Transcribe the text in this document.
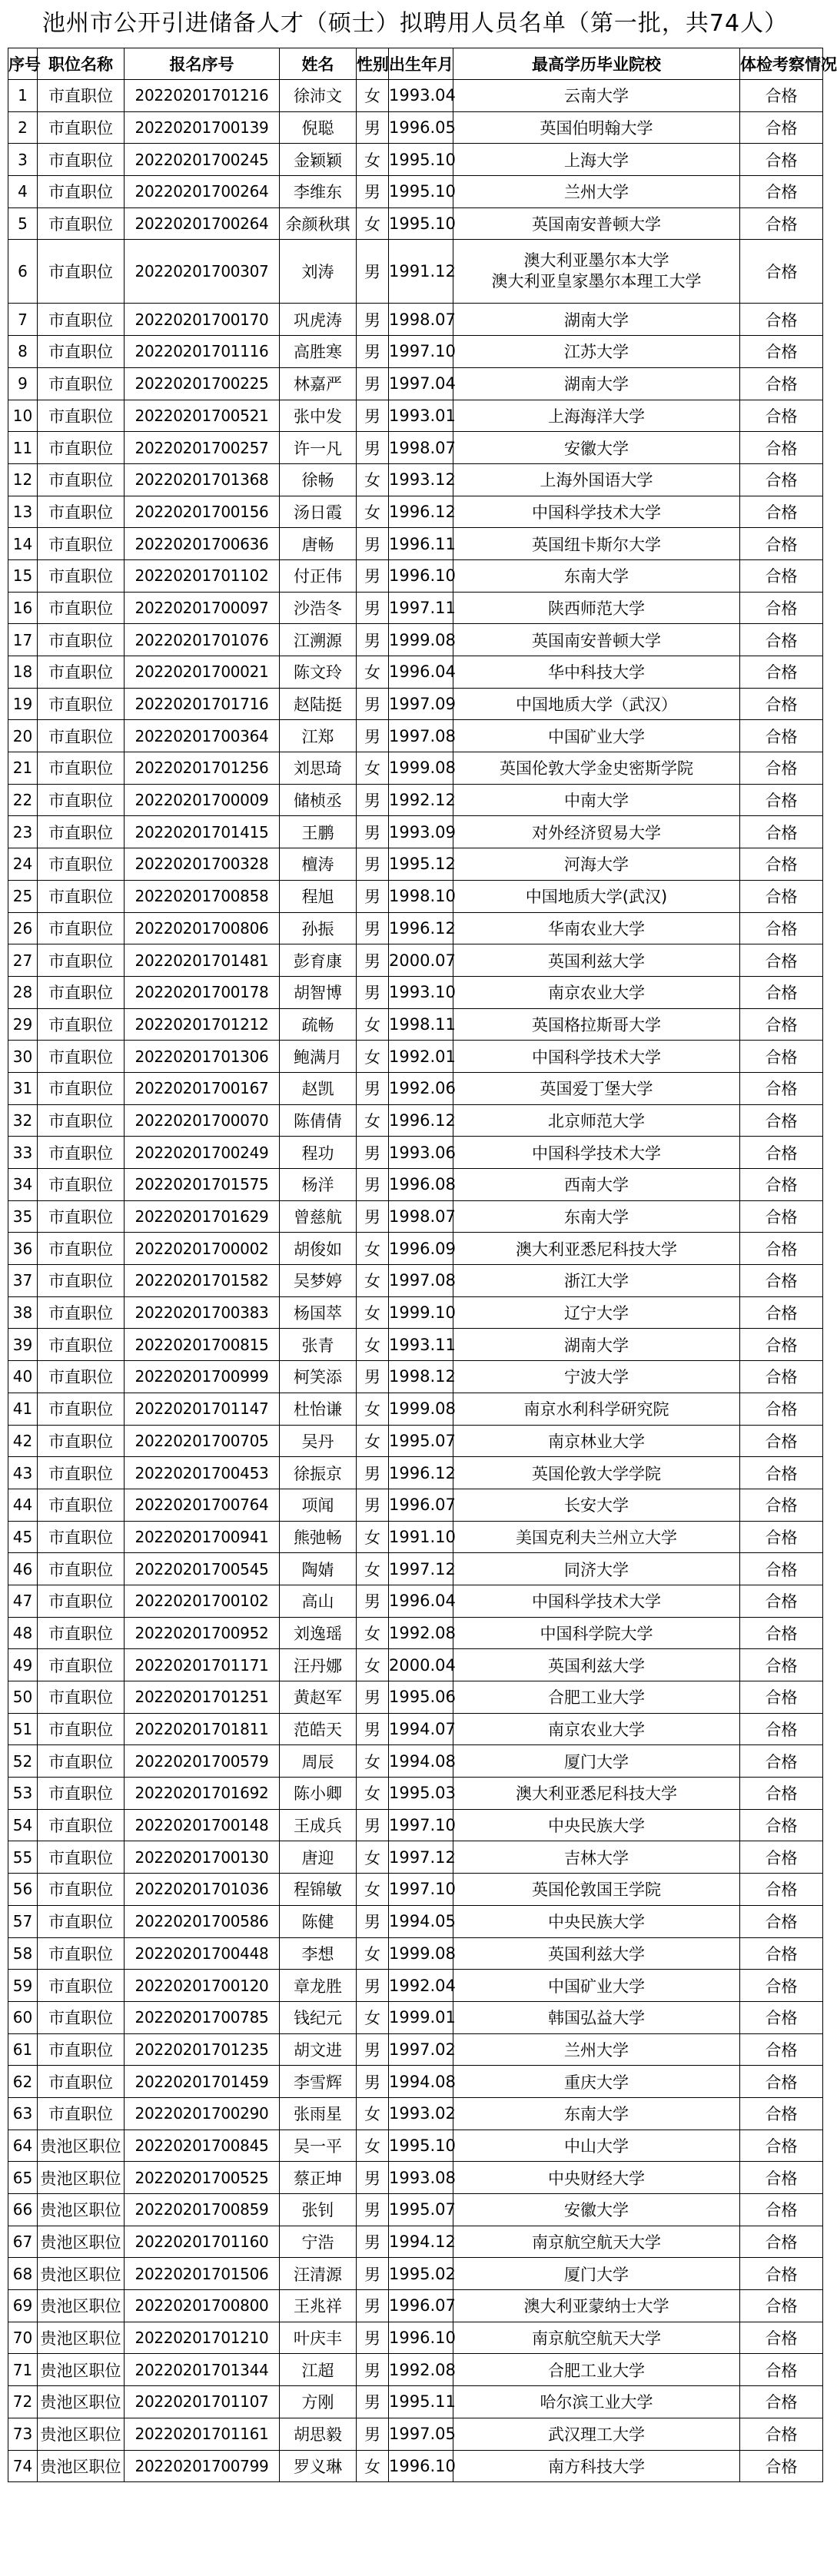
池州市公开引进储备人才（硕士）拟聘用人员名单（第一批，共74人）
序号	职位名称	报名序号	姓名	性别	出生年月	最高学历毕业院校	体检考察情况
1	市直职位	20220201701216	徐沛文	女	1993.04	云南大学	合格
2	市直职位	20220201700139	倪聪	男	1996.05	英国伯明翰大学	合格
3	市直职位	20220201700245	金颖颖	女	1995.10	上海大学	合格
4	市直职位	20220201700264	李维东	男	1995.10	兰州大学	合格
5	市直职位	20220201700264	余颜秋琪	女	1995.10	英国南安普顿大学	合格
6	市直职位	20220201700307	刘涛	男	1991.12	澳大利亚墨尔本大学
澳大利亚皇家墨尔本理工大学	合格
7	市直职位	20220201700170	巩虎涛	男	1998.07	湖南大学	合格
8	市直职位	20220201701116	高胜寒	男	1997.10	江苏大学	合格
9	市直职位	20220201700225	林嘉严	男	1997.04	湖南大学	合格
10	市直职位	20220201700521	张中发	男	1993.01	上海海洋大学	合格
11	市直职位	20220201700257	许一凡	男	1998.07	安徽大学	合格
12	市直职位	20220201701368	徐畅	女	1993.12	上海外国语大学	合格
13	市直职位	20220201700156	汤日霞	女	1996.12	中国科学技术大学	合格
14	市直职位	20220201700636	唐畅	男	1996.11	英国纽卡斯尔大学	合格
15	市直职位	20220201701102	付正伟	男	1996.10	东南大学	合格
16	市直职位	20220201700097	沙浩冬	男	1997.11	陕西师范大学	合格
17	市直职位	20220201701076	江溯源	男	1999.08	英国南安普顿大学	合格
18	市直职位	20220201700021	陈文玲	女	1996.04	华中科技大学	合格
19	市直职位	20220201701716	赵陆挺	男	1997.09	中国地质大学（武汉）	合格
20	市直职位	20220201700364	江郑	男	1997.08	中国矿业大学	合格
21	市直职位	20220201701256	刘思琦	女	1999.08	英国伦敦大学金史密斯学院	合格
22	市直职位	20220201700009	储桢丞	男	1992.12	中南大学	合格
23	市直职位	20220201701415	王鹏	男	1993.09	对外经济贸易大学	合格
24	市直职位	20220201700328	檀涛	男	1995.12	河海大学	合格
25	市直职位	20220201700858	程旭	男	1998.10	中国地质大学(武汉)	合格
26	市直职位	20220201700806	孙振	男	1996.12	华南农业大学	合格
27	市直职位	20220201701481	彭育康	男	2000.07	英国利兹大学	合格
28	市直职位	20220201700178	胡智博	男	1993.10	南京农业大学	合格
29	市直职位	20220201701212	疏畅	女	1998.11	英国格拉斯哥大学	合格
30	市直职位	20220201701306	鲍满月	女	1992.01	中国科学技术大学	合格
31	市直职位	20220201700167	赵凯	男	1992.06	英国爱丁堡大学	合格
32	市直职位	20220201700070	陈倩倩	女	1996.12	北京师范大学	合格
33	市直职位	20220201700249	程功	男	1993.06	中国科学技术大学	合格
34	市直职位	20220201701575	杨洋	男	1996.08	西南大学	合格
35	市直职位	20220201701629	曾慈航	男	1998.07	东南大学	合格
36	市直职位	20220201700002	胡俊如	女	1996.09	澳大利亚悉尼科技大学	合格
37	市直职位	20220201701582	吴梦婷	女	1997.08	浙江大学	合格
38	市直职位	20220201700383	杨国萃	女	1999.10	辽宁大学	合格
39	市直职位	20220201700815	张青	女	1993.11	湖南大学	合格
40	市直职位	20220201700999	柯笑添	男	1998.12	宁波大学	合格
41	市直职位	20220201701147	杜怡谦	女	1999.08	南京水利科学研究院	合格
42	市直职位	20220201700705	吴丹	女	1995.07	南京林业大学	合格
43	市直职位	20220201700453	徐振京	男	1996.12	英国伦敦大学学院	合格
44	市直职位	20220201700764	项闻	男	1996.07	长安大学	合格
45	市直职位	20220201700941	熊弛畅	女	1991.10	美国克利夫兰州立大学	合格
46	市直职位	20220201700545	陶婧	女	1997.12	同济大学	合格
47	市直职位	20220201700102	高山	男	1996.04	中国科学技术大学	合格
48	市直职位	20220201700952	刘逸瑶	女	1992.08	中国科学院大学	合格
49	市直职位	20220201701171	汪丹娜	女	2000.04	英国利兹大学	合格
50	市直职位	20220201701251	黄赵军	男	1995.06	合肥工业大学	合格
51	市直职位	20220201701811	范皓天	男	1994.07	南京农业大学	合格
52	市直职位	20220201700579	周辰	女	1994.08	厦门大学	合格
53	市直职位	20220201701692	陈小卿	女	1995.03	澳大利亚悉尼科技大学	合格
54	市直职位	20220201700148	王成兵	男	1997.10	中央民族大学	合格
55	市直职位	20220201700130	唐迎	女	1997.12	吉林大学	合格
56	市直职位	20220201701036	程锦敏	女	1997.10	英国伦敦国王学院	合格
57	市直职位	20220201700586	陈健	男	1994.05	中央民族大学	合格
58	市直职位	20220201700448	李想	女	1999.08	英国利兹大学	合格
59	市直职位	20220201700120	章龙胜	男	1992.04	中国矿业大学	合格
60	市直职位	20220201700785	钱纪元	女	1999.01	韩国弘益大学	合格
61	市直职位	20220201701235	胡文进	男	1997.02	兰州大学	合格
62	市直职位	20220201701459	李雪辉	男	1994.08	重庆大学	合格
63	市直职位	20220201700290	张雨星	女	1993.02	东南大学	合格
64	贵池区职位	20220201700845	吴一平	女	1995.10	中山大学	合格
65	贵池区职位	20220201700525	蔡正坤	男	1993.08	中央财经大学	合格
66	贵池区职位	20220201700859	张钊	男	1995.07	安徽大学	合格
67	贵池区职位	20220201701160	宁浩	男	1994.12	南京航空航天大学	合格
68	贵池区职位	20220201701506	汪清源	男	1995.02	厦门大学	合格
69	贵池区职位	20220201700800	王兆祥	男	1996.07	澳大利亚蒙纳士大学	合格
70	贵池区职位	20220201701210	叶庆丰	男	1996.10	南京航空航天大学	合格
71	贵池区职位	20220201701344	江超	男	1992.08	合肥工业大学	合格
72	贵池区职位	20220201701107	方刚	男	1995.11	哈尔滨工业大学	合格
73	贵池区职位	20220201701161	胡思毅	男	1997.05	武汉理工大学	合格
74	贵池区职位	20220201700799	罗义琳	女	1996.10	南方科技大学	合格
